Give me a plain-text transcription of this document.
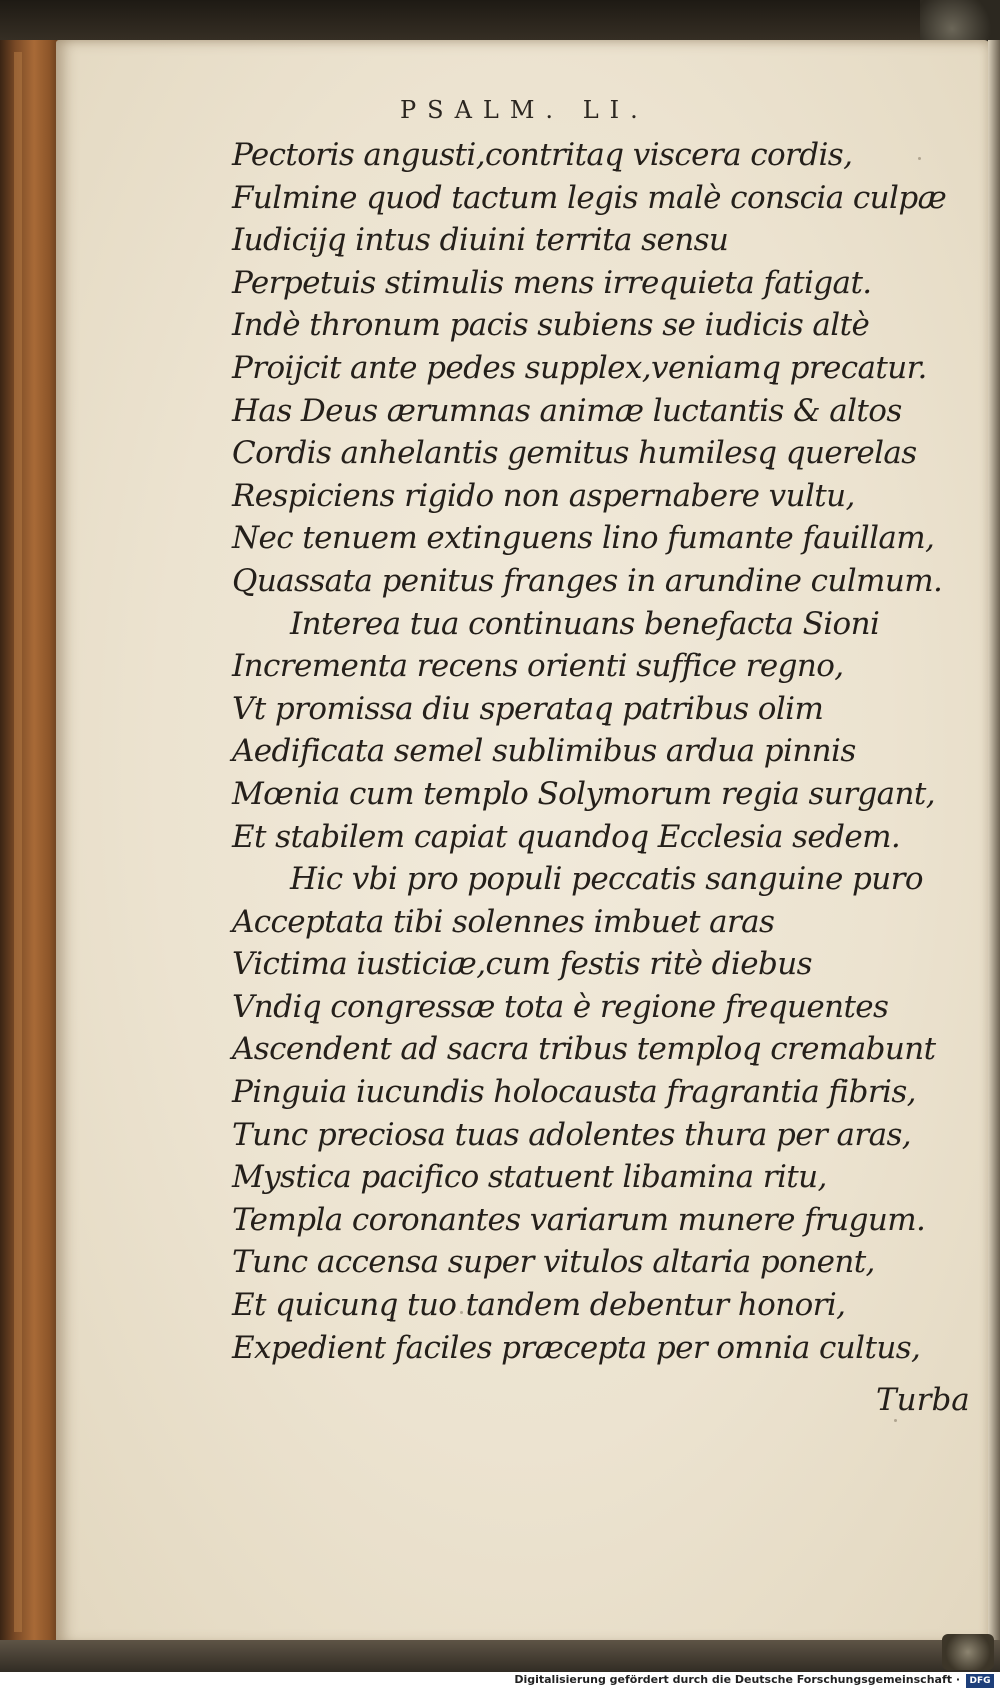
PSALM. LI.
Pectoris angusti,contritaq̧ viscera cordis,
Fulmine quod tactum legis malè conscia culpæ
Iudicijq̧ intus diuini territa sensu
Perpetuis stimulis mens irrequieta fatigat.
Indè thronum pacis subiens se iudicis altè
Proijcit ante pedes supplex,veniamq̧ precatur.
Has Deus ærumnas animæ luctantis & altos
Cordis anhelantis gemitus humilesq̧ querelas
Respiciens rigido non aspernabere vultu,
Nec tenuem extinguens lino fumante fauillam,
Quassata penitus franges in arundine culmum.
Interea tua continuans benefacta Sioni
Incrementa recens orienti suffice regno,
Vt promissa diu sperataq̧ patribus olim
Aedificata semel sublimibus ardua pinnis
Mœnia cum templo Solymorum regia surgant,
Et stabilem capiat quandoq̧ Ecclesia sedem.
Hic vbi pro populi peccatis sanguine puro
Acceptata tibi solennes imbuet aras
Victima iusticiæ,cum festis ritè diebus
Vndiq̧ congressæ tota è regione frequentes
Ascendent ad sacra tribus temploq̧ cremabunt
Pinguia iucundis holocausta fragrantia fibris,
Tunc preciosa tuas adolentes thura per aras,
Mystica pacifico statuent libamina ritu,
Templa coronantes variarum munere frugum.
Tunc accensa super vitulos altaria ponent,
Et quicunq̧ tuo tandem debentur honori,
Expedient faciles præcepta per omnia cultus,
Turba
Digitalisierung gefördert durch die Deutsche Forschungsgemeinschaft ·	DFG
